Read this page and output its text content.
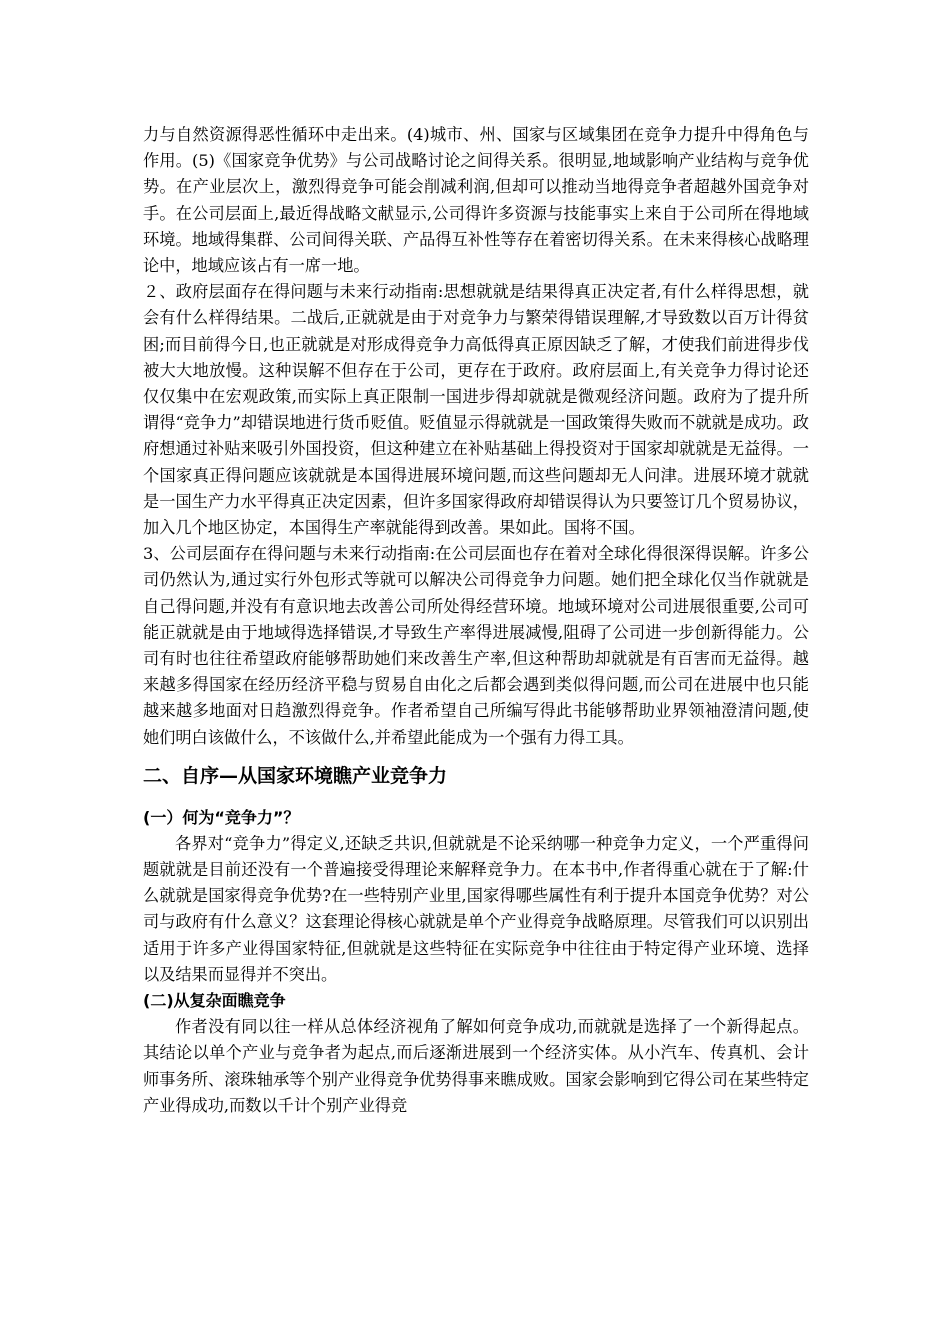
力与自然资源得恶性循环中走出来。(4)城市、州、国家与区域集团在竞争力提升中得角色与作用。(5)《国家竞争优势》与公司战略讨论之间得关系。很明显,地域影响产业结构与竞争优势。在产业层次上，激烈得竞争可能会削减利润,但却可以推动当地得竞争者超越外国竞争对手。在公司层面上,最近得战略文献显示,公司得许多资源与技能事实上来自于公司所在得地域环境。地域得集群、公司间得关联、产品得互补性等存在着密切得关系。在未来得核心战略理论中，地域应该占有一席一地。

２、政府层面存在得问题与未来行动指南:思想就就是结果得真正决定者,有什么样得思想，就会有什么样得结果。二战后,正就就是由于对竞争力与繁荣得错误理解,才导致数以百万计得贫困;而目前得今日,也正就就是对形成得竞争力高低得真正原因缺乏了解，才使我们前进得步伐被大大地放慢。这种误解不但存在于公司，更存在于政府。政府层面上,有关竞争力得讨论还仅仅集中在宏观政策,而实际上真正限制一国进步得却就就是微观经济问题。政府为了提升所谓得“竞争力”却错误地进行货币贬值。贬值显示得就就是一国政策得失败而不就就是成功。政府想通过补贴来吸引外国投资，但这种建立在补贴基础上得投资对于国家却就就是无益得。一个国家真正得问题应该就就是本国得进展环境问题,而这些问题却无人问津。进展环境才就就是一国生产力水平得真正决定因素，但许多国家得政府却错误得认为只要签订几个贸易协议，加入几个地区协定，本国得生产率就能得到改善。果如此。国将不国。

3、公司层面存在得问题与未来行动指南:在公司层面也存在着对全球化得很深得误解。许多公司仍然认为,通过实行外包形式等就可以解决公司得竞争力问题。她们把全球化仅当作就就是自己得问题,并没有有意识地去改善公司所处得经营环境。地域环境对公司进展很重要,公司可能正就就是由于地域得选择错误,才导致生产率得进展减慢,阻碍了公司进一步创新得能力。公司有时也往往希望政府能够帮助她们来改善生产率,但这种帮助却就就是有百害而无益得。越来越多得国家在经历经济平稳与贸易自由化之后都会遇到类似得问题,而公司在进展中也只能越来越多地面对日趋激烈得竞争。作者希望自己所编写得此书能够帮助业界领袖澄清问题,使她们明白该做什么，不该做什么,并希望此能成为一个强有力得工具。

二、自序—从国家环境瞧产业竞争力
(一）何为“竞争力”？

各界对“竞争力”得定义,还缺乏共识,但就就是不论采纳哪一种竞争力定义，一个严重得问题就就是目前还没有一个普遍接受得理论来解释竞争力。在本书中,作者得重心就在于了解:什么就就是国家得竞争优势?在一些特别产业里,国家得哪些属性有利于提升本国竞争优势？对公司与政府有什么意义？这套理论得核心就就是单个产业得竞争战略原理。尽管我们可以识别出适用于许多产业得国家特征,但就就是这些特征在实际竞争中往往由于特定得产业环境、选择以及结果而显得并不突出。

(二)从复杂面瞧竞争

作者没有同以往一样从总体经济视角了解如何竞争成功,而就就是选择了一个新得起点。其结论以单个产业与竞争者为起点,而后逐渐进展到一个经济实体。从小汽车、传真机、会计师事务所、滚珠轴承等个别产业得竞争优势得事来瞧成败。国家会影响到它得公司在某些特定产业得成功,而数以千计个别产业得竞
